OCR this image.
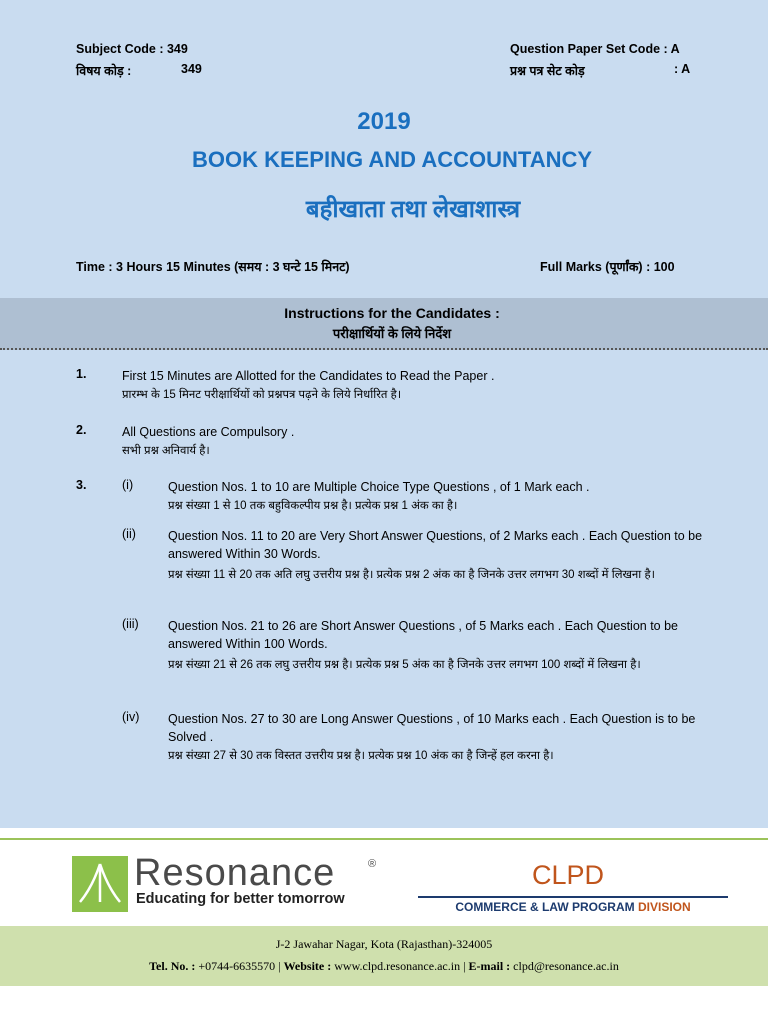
Subject Code : 349
विषय कोड़ :	349
Question Paper Set Code : A
प्रश्न पत्र सेट कोड़	: A
2019
BOOK KEEPING AND ACCOUNTANCY
बहीखाता तथा लेखाशास्त्र
Time : 3 Hours 15 Minutes (समय : 3 घन्टे 15 मिनट)	Full Marks (पूर्णांक) : 100
Instructions for the Candidates :
परीक्षार्थियों के लिये निर्देश
1.	First 15 Minutes are Allotted for the Candidates to Read the Paper .
प्रारम्भ के 15 मिनट परीक्षार्थियों को प्रश्नपत्र पढ़ने के लिये निर्धारित है।
2.	All Questions are Compulsory .
सभी प्रश्न अनिवार्य है।
3.	(i)	Question Nos. 1 to 10 are Multiple Choice Type Questions , of 1 Mark each .
प्रश्न संख्या 1 से 10 तक बहुविकल्पीय प्रश्न है। प्रत्येक प्रश्न 1 अंक का है।
(ii)	Question Nos. 11 to 20 are Very Short Answer Questions, of 2 Marks each . Each Question to be answered Within 30 Words.
प्रश्न संख्या 11 से 20 तक अति लघु उत्तरीय प्रश्न है। प्रत्येक प्रश्न 2 अंक का है जिनके उत्तर लगभग 30 शब्दों में लिखना है।
(iii) Question Nos. 21 to 26 are Short Answer Questions , of 5 Marks each . Each Question to be answered Within 100 Words.
प्रश्न संख्या 21 से 26 तक लघु उत्तरीय प्रश्न है। प्रत्येक प्रश्न 5 अंक का है जिनके उत्तर लगभग 100 शब्दों में लिखना है।
(iv) Question Nos. 27 to 30 are Long Answer Questions , of 10 Marks each . Each Question is to be Solved .
प्रश्न संख्या 27 से 30 तक विस्तत उत्तरीय प्रश्न है। प्रत्येक प्रश्न 10 अंक का है जिन्हें हल करना है।
Resonance	®
Educating for better tomorrow
CLPD
COMMERCE & LAW PROGRAM DIVISION
J-2 Jawahar Nagar, Kota (Rajasthan)-324005
Tel. No. : +0744-6635570 | Website : www.clpd.resonance.ac.in | E-mail : clpd@resonance.ac.in
